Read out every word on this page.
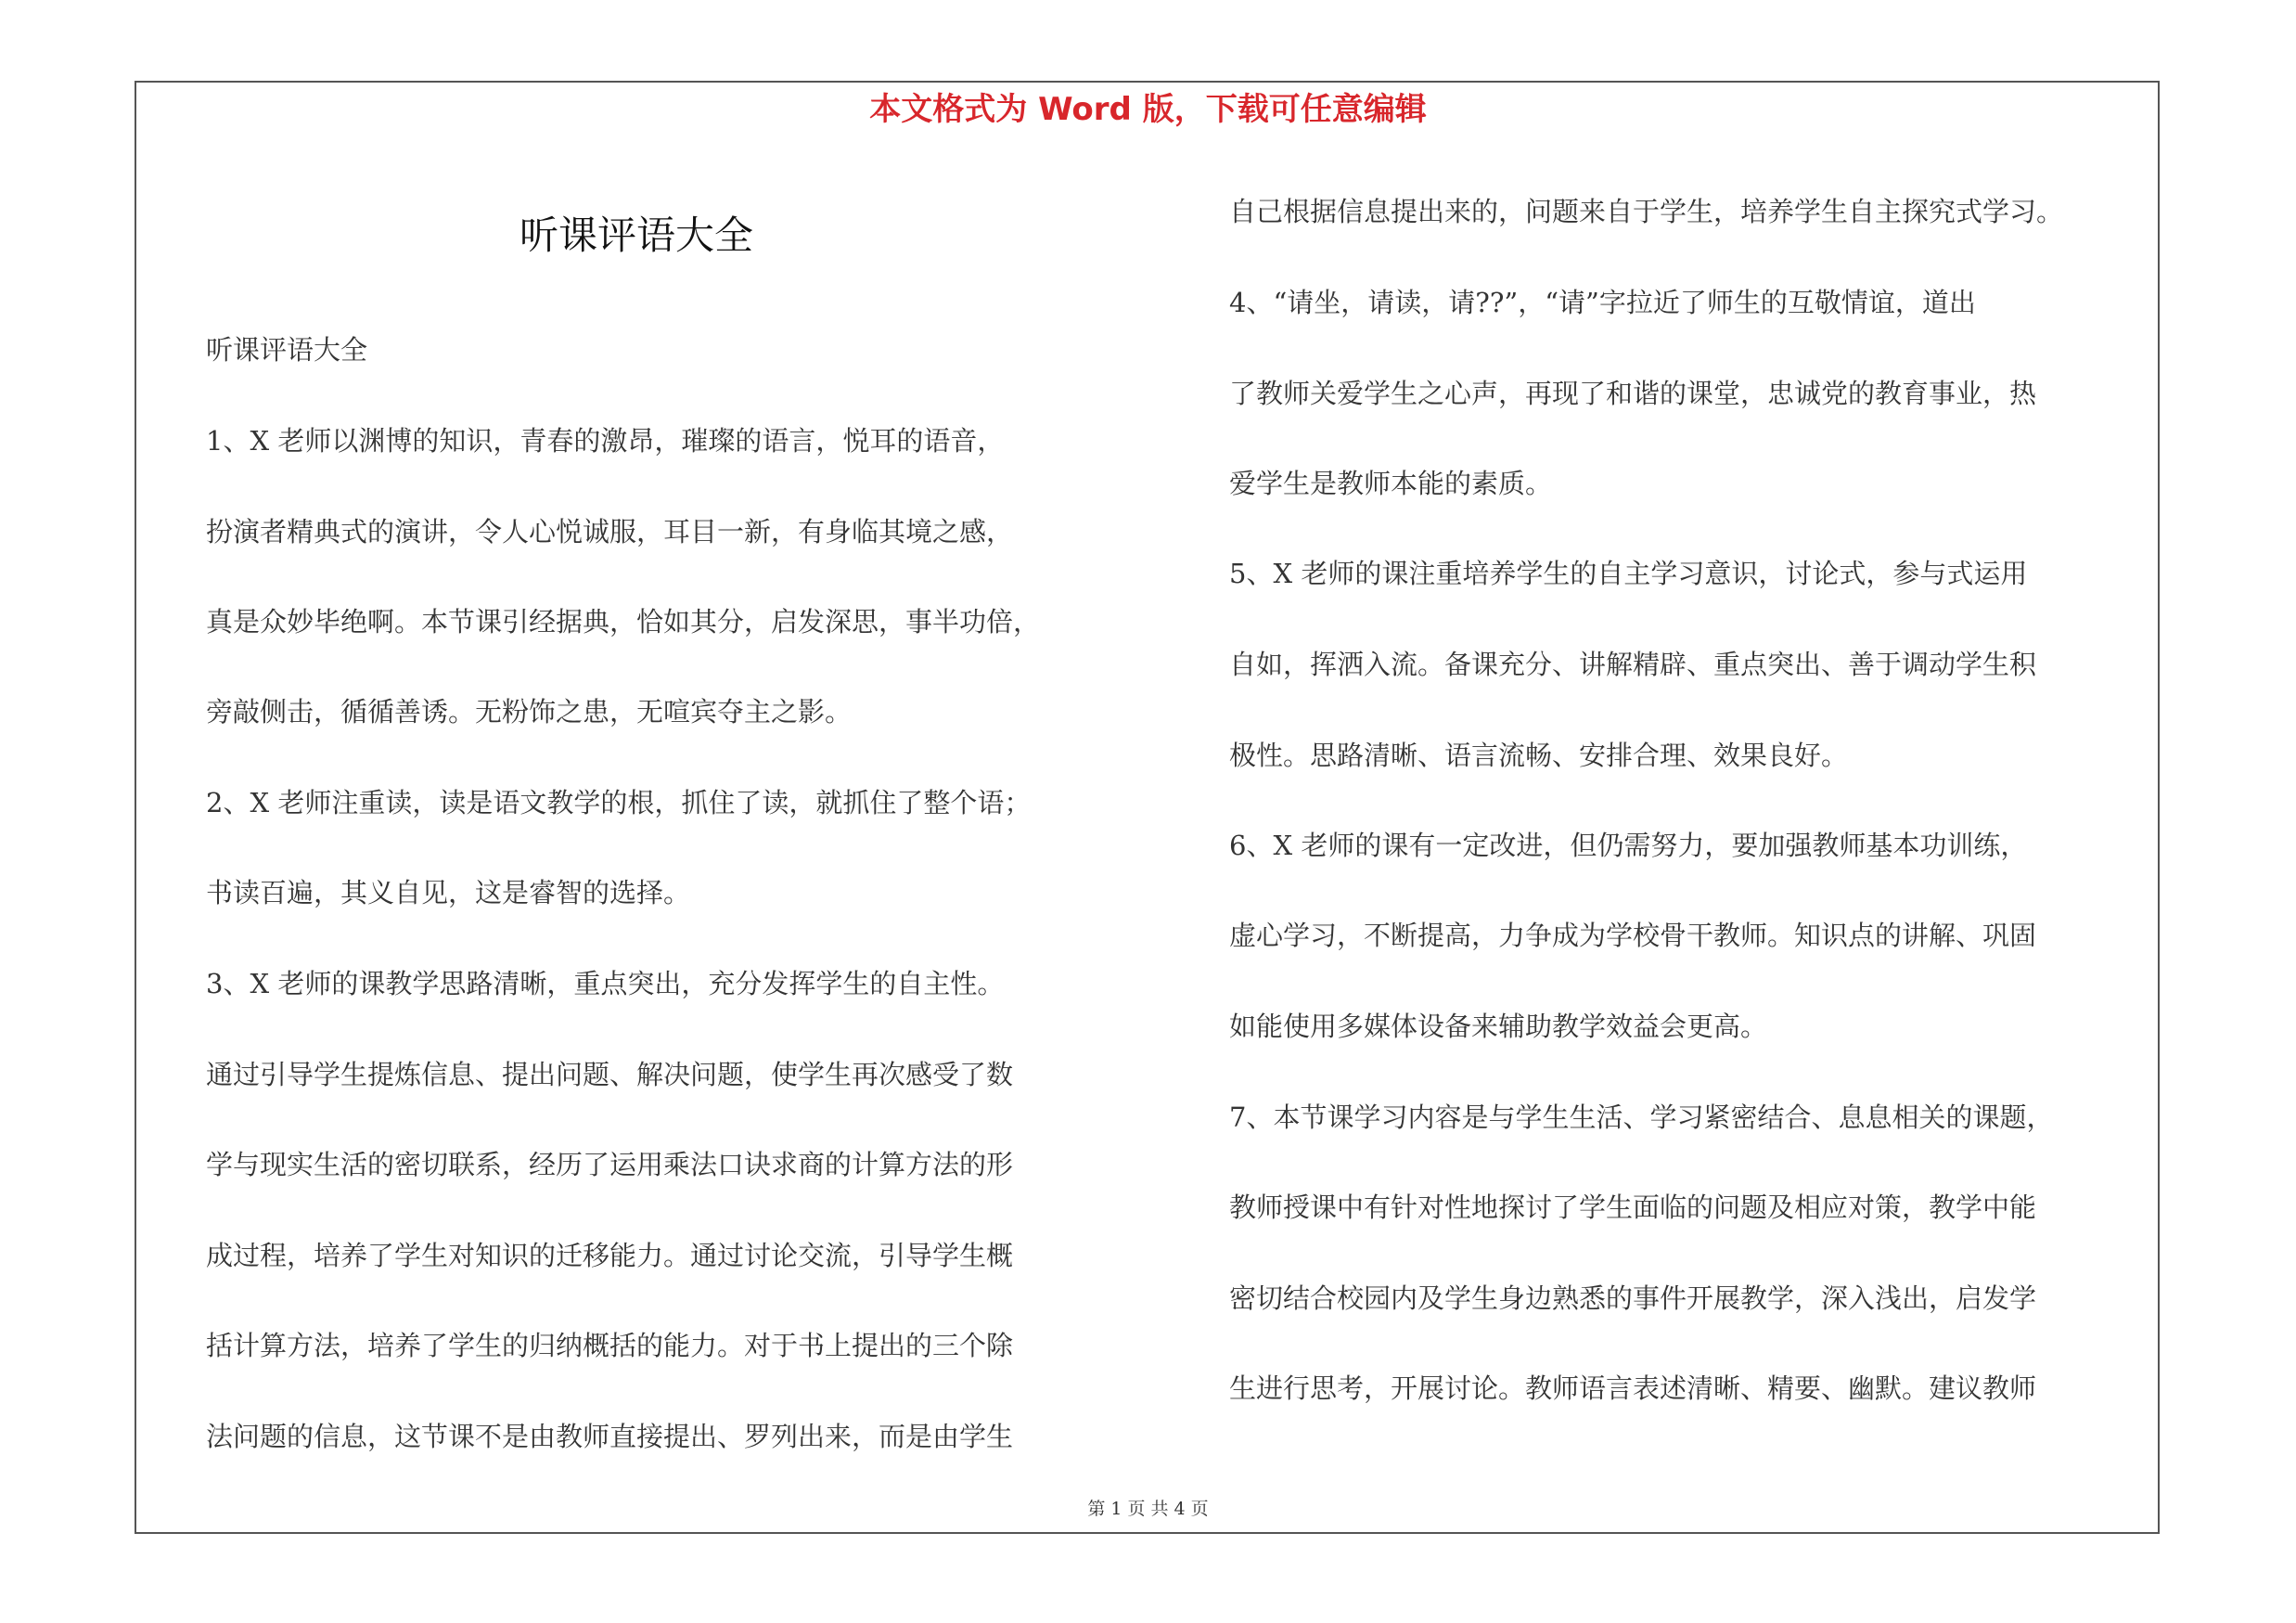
本文格式为 Word 版，下载可任意编辑
听课评语大全
听课评语大全
1、X 老师以渊博的知识，青春的激昂，璀璨的语言，悦耳的语音，
扮演者精典式的演讲，令人心悦诚服，耳目一新，有身临其境之感，
真是众妙毕绝啊。本节课引经据典，恰如其分，启发深思，事半功倍，
旁敲侧击，循循善诱。无粉饰之患，无喧宾夺主之影。
2、X 老师注重读，读是语文教学的根，抓住了读，就抓住了整个语；
书读百遍，其义自见，这是睿智的选择。
3、X 老师的课教学思路清晰，重点突出，充分发挥学生的自主性。
通过引导学生提炼信息、提出问题、解决问题，使学生再次感受了数
学与现实生活的密切联系，经历了运用乘法口诀求商的计算方法的形
成过程，培养了学生对知识的迁移能力。通过讨论交流，引导学生概
括计算方法，培养了学生的归纳概括的能力。对于书上提出的三个除
法问题的信息，这节课不是由教师直接提出、罗列出来，而是由学生
自己根据信息提出来的，问题来自于学生，培养学生自主探究式学习。
4、“请坐，请读，请??”，“请”字拉近了师生的互敬情谊，道出
了教师关爱学生之心声，再现了和谐的课堂，忠诚党的教育事业，热
爱学生是教师本能的素质。
5、X 老师的课注重培养学生的自主学习意识，讨论式，参与式运用
自如，挥洒入流。备课充分、讲解精辟、重点突出、善于调动学生积
极性。思路清晰、语言流畅、安排合理、效果良好。
6、X 老师的课有一定改进，但仍需努力，要加强教师基本功训练，
虚心学习，不断提高，力争成为学校骨干教师。知识点的讲解、巩固
如能使用多媒体设备来辅助教学效益会更高。
7、本节课学习内容是与学生生活、学习紧密结合、息息相关的课题，
教师授课中有针对性地探讨了学生面临的问题及相应对策，教学中能
密切结合校园内及学生身边熟悉的事件开展教学，深入浅出，启发学
生进行思考，开展讨论。教师语言表述清晰、精要、幽默。建议教师
第 1 页 共 4 页
